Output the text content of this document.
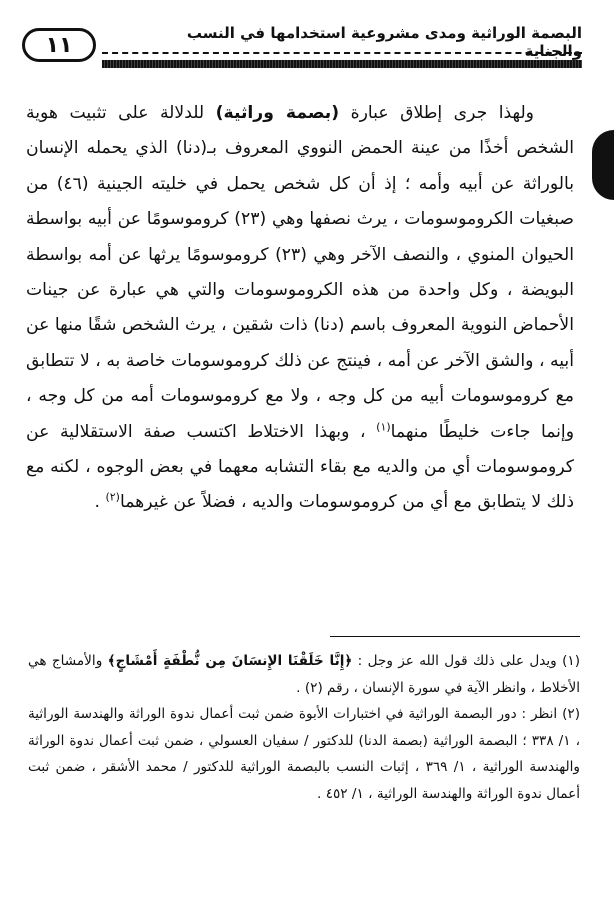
١١	البصمة الوراثية ومدى مشروعية استخدامها في النسب والجناية

ولهذا جرى إطلاق عبارة (بصمة وراثية) للدلالة على تثبيت هوية الشخص أخذًا من عينة الحمض النووي المعروف بـ(دنا) الذي يحمله الإنسان بالوراثة عن أبيه وأمه ؛ إذ أن كل شخص يحمل في خليته الجينية (٤٦) من صبغيات الكروموسومات ، يرث نصفها وهي (٢٣) كروموسومًا عن أبيه بواسطة الحيوان المنوي ، والنصف الآخر وهي (٢٣) كروموسومًا يرثها عن أمه بواسطة البويضة ، وكل واحدة من هذه الكروموسومات والتي هي عبارة عن جينات الأحماض النووية المعروف باسم (دنا) ذات شقين ، يرث الشخص شقًا منها عن أبيه ، والشق الآخر عن أمه ، فينتج عن ذلك كروموسومات خاصة به ، لا تتطابق مع كروموسومات أبيه من كل وجه ، ولا مع كروموسومات أمه من كل وجه ، وإنما جاءت خليطًا منهما$^{(١)}$ ، وبهذا الاختلاط اكتسب صفة الاستقلالية عن كروموسومات أي من والديه مع بقاء التشابه معهما في بعض الوجوه ، لكنه مع ذلك لا يتطابق مع أي من كروموسومات والديه ، فضلاً عن غيرهما$^{(٢)}$ .

(١) ويدل على ذلك قول الله عز وجل : ﴿إِنَّا خَلَقْنَا الإِنسَانَ مِن نُّطْفَةٍ أَمْشَاجٍ﴾ والأمشاج هي الأخلاط ، وانظر الآية في سورة الإنسان ، رقم (٢) .

(٢) انظر : دور البصمة الوراثية في اختبارات الأبوة ضمن ثبت أعمال ندوة الوراثة والهندسة الوراثية ، ١/ ٣٣٨ ؛ البصمة الوراثية (بصمة الدنا) للدكتور / سفيان العسولي ، ضمن ثبت أعمال ندوة الوراثة والهندسة الوراثية ، ١/ ٣٦٩ ، إثبات النسب بالبصمة الوراثية للدكتور / محمد الأشقر ، ضمن ثبت أعمال ندوة الوراثة والهندسة الوراثية ، ١/ ٤٥٢ .
